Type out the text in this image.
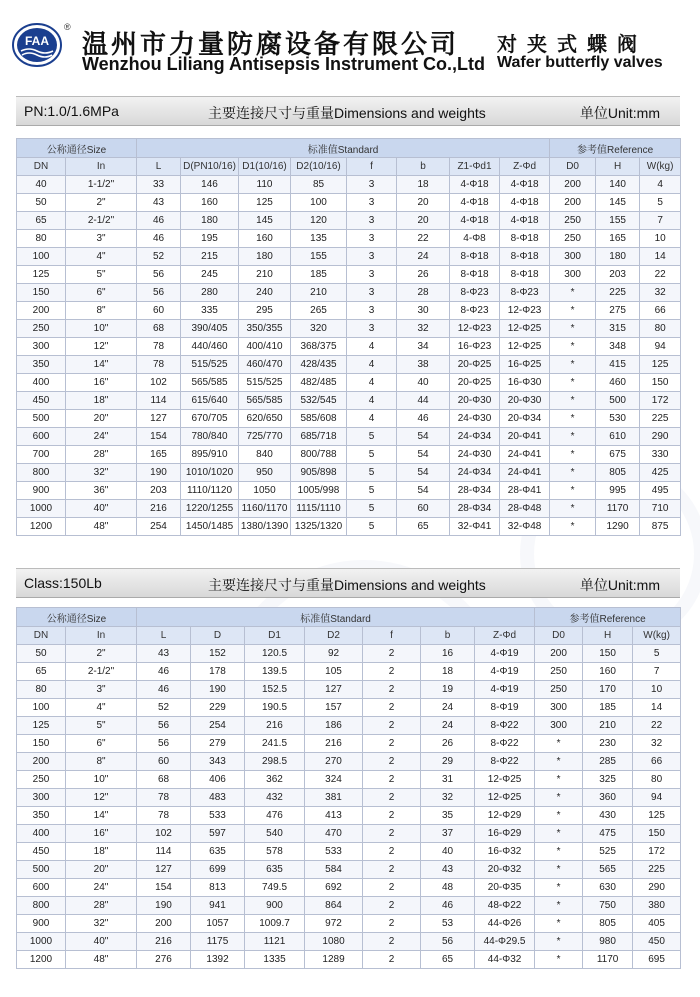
FAA
®
温州市力量防腐设备有限公司
Wenzhou Liliang Antisepsis Instrument Co.,Ltd
对夹式蝶阀
Wafer butterfly valves
PN:1.0/1.6MPa	主要连接尺寸与重量Dimensions and weights	单位Unit:mm
公称通径Size		标准值Standard								参考值Reference		
DN	In	L	D(PN10/16)	D1(10/16)	D2(10/16)	f	b	Z1-Φd1	Z-Φd	D0	H	W(kg)
40	1-1/2"	33	146	110	85	3	18	4-Φ18	4-Φ18	200	140	4
50	2"	43	160	125	100	3	20	4-Φ18	4-Φ18	200	145	5
65	2-1/2"	46	180	145	120	3	20	4-Φ18	4-Φ18	250	155	7
80	3"	46	195	160	135	3	22	4-Φ8	8-Φ18	250	165	10
100	4"	52	215	180	155	3	24	8-Φ18	8-Φ18	300	180	14
125	5"	56	245	210	185	3	26	8-Φ18	8-Φ18	300	203	22
150	6"	56	280	240	210	3	28	8-Φ23	8-Φ23	*	225	32
200	8"	60	335	295	265	3	30	8-Φ23	12-Φ23	*	275	66
250	10"	68	390/405	350/355	320	3	32	12-Φ23	12-Φ25	*	315	80
300	12"	78	440/460	400/410	368/375	4	34	16-Φ23	12-Φ25	*	348	94
350	14"	78	515/525	460/470	428/435	4	38	20-Φ25	16-Φ25	*	415	125
400	16"	102	565/585	515/525	482/485	4	40	20-Φ25	16-Φ30	*	460	150
450	18"	114	615/640	565/585	532/545	4	44	20-Φ30	20-Φ30	*	500	172
500	20"	127	670/705	620/650	585/608	4	46	24-Φ30	20-Φ34	*	530	225
600	24"	154	780/840	725/770	685/718	5	54	24-Φ34	20-Φ41	*	610	290
700	28"	165	895/910	840	800/788	5	54	24-Φ30	24-Φ41	*	675	330
800	32"	190	1010/1020	950	905/898	5	54	24-Φ34	24-Φ41	*	805	425
900	36"	203	1110/1120	1050	1005/998	5	54	28-Φ34	28-Φ41	*	995	495
1000	40"	216	1220/1255	1160/1170	1115/1110	5	60	28-Φ34	28-Φ48	*	1170	710
1200	48"	254	1450/1485	1380/1390	1325/1320	5	65	32-Φ41	32-Φ48	*	1290	875
Class:150Lb	主要连接尺寸与重量Dimensions and weights	单位Unit:mm
公称通径Size		标准值Standard							参考值Reference		
DN	In	L	D	D1	D2	f	b	Z-Φd	D0	H	W(kg)
50	2"	43	152	120.5	92	2	16	4-Φ19	200	150	5
65	2-1/2"	46	178	139.5	105	2	18	4-Φ19	250	160	7
80	3"	46	190	152.5	127	2	19	4-Φ19	250	170	10
100	4"	52	229	190.5	157	2	24	8-Φ19	300	185	14
125	5"	56	254	216	186	2	24	8-Φ22	300	210	22
150	6"	56	279	241.5	216	2	26	8-Φ22	*	230	32
200	8"	60	343	298.5	270	2	29	8-Φ22	*	285	66
250	10"	68	406	362	324	2	31	12-Φ25	*	325	80
300	12"	78	483	432	381	2	32	12-Φ25	*	360	94
350	14"	78	533	476	413	2	35	12-Φ29	*	430	125
400	16"	102	597	540	470	2	37	16-Φ29	*	475	150
450	18"	114	635	578	533	2	40	16-Φ32	*	525	172
500	20"	127	699	635	584	2	43	20-Φ32	*	565	225
600	24"	154	813	749.5	692	2	48	20-Φ35	*	630	290
800	28"	190	941	900	864	2	46	48-Φ22	*	750	380
900	32"	200	1057	1009.7	972	2	53	44-Φ26	*	805	405
1000	40"	216	1175	1121	1080	2	56	44-Φ29.5	*	980	450
1200	48"	276	1392	1335	1289	2	65	44-Φ32	*	1170	695
